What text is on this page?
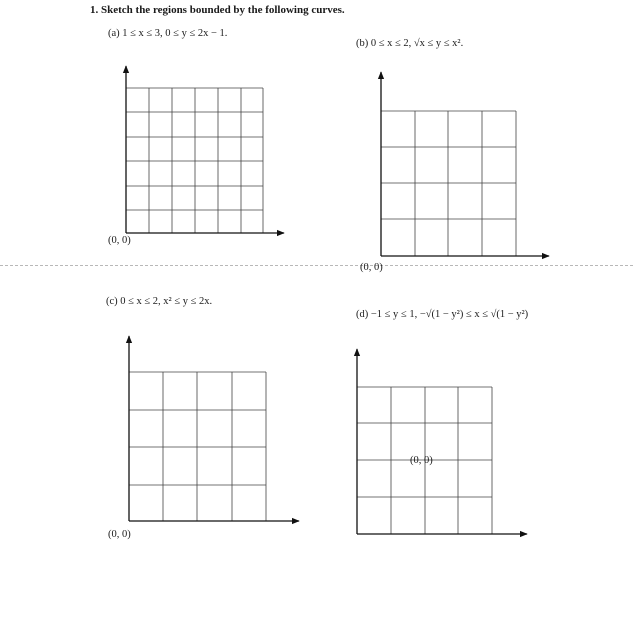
1. Sketch the regions bounded by the following curves.
(a) 1 ≤ x ≤ 3, 0 ≤ y ≤ 2x − 1.
(b) 0 ≤ x ≤ 2, √x ≤ y ≤ x².
(c) 0 ≤ x ≤ 2, x² ≤ y ≤ 2x.
(d) −1 ≤ y ≤ 1, −√(1 − y²) ≤ x ≤ √(1 − y²)
(0, 0)
(0, 0)
(0, 0)
(0, 0)
